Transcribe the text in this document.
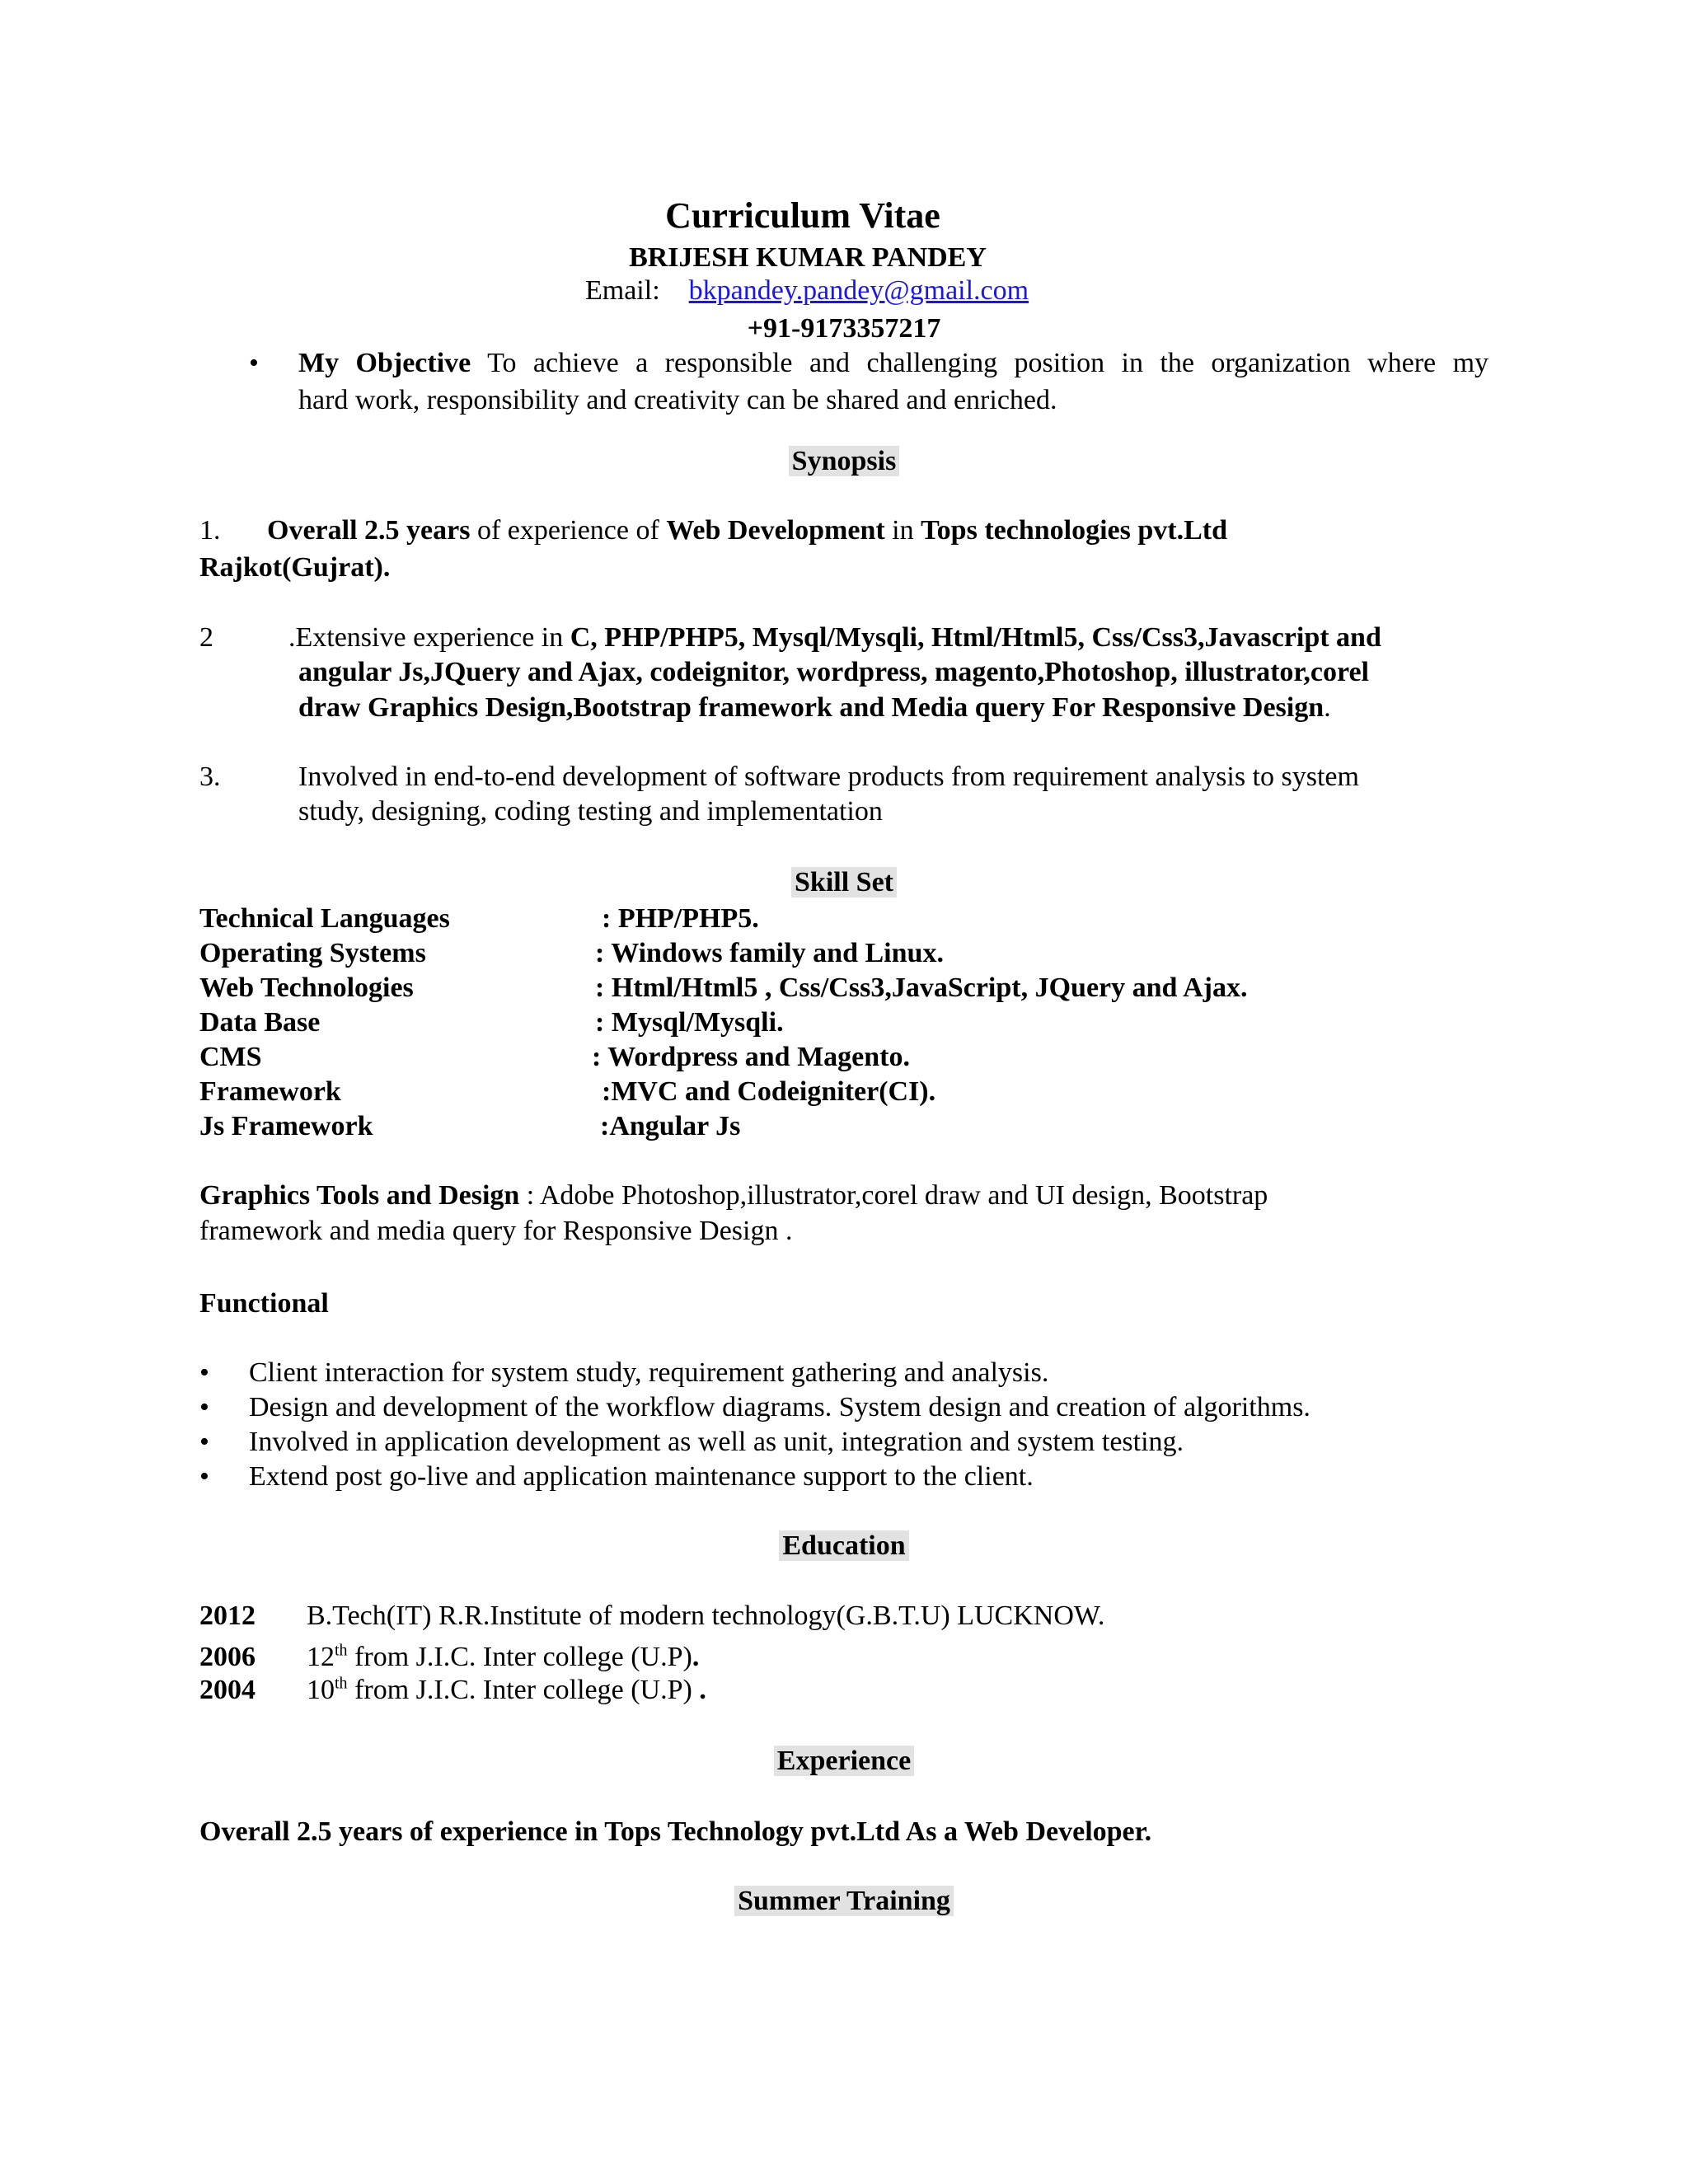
Curriculum Vitae
BRIJESH KUMAR PANDEY
Email: bkpandey.pandey@gmail.com
+91-9173357217
• My Objective To achieve a responsible and challenging position in the organization where my
hard work, responsibility and creativity can be shared and enriched.
Synopsis
1. Overall 2.5 years of experience of Web Development in Tops technologies pvt.Ltd
Rajkot(Gujrat).
2	.Extensive experience in C, PHP/PHP5, Mysql/Mysqli, Html/Html5, Css/Css3,Javascript and
angular Js,JQuery and Ajax, codeignitor, wordpress, magento,Photoshop, illustrator,corel
draw Graphics Design,Bootstrap framework and Media query For Responsive Design.
3.	Involved in end-to-end development of software products from requirement analysis to system
study, designing, coding testing and implementation
Skill Set
Technical Languages	: PHP/PHP5.
Operating Systems	: Windows family and Linux.
Web Technologies	: Html/Html5 , Css/Css3,JavaScript, JQuery and Ajax.
Data Base	: Mysql/Mysqli.
CMS	: Wordpress and Magento.
Framework	:MVC and Codeigniter(CI).
Js Framework	:Angular Js
Graphics Tools and Design : Adobe Photoshop,illustrator,corel draw and UI design, Bootstrap
framework and media query for Responsive Design .
Functional
• Client interaction for system study, requirement gathering and analysis.
• Design and development of the workflow diagrams. System design and creation of algorithms.
• Involved in application development as well as unit, integration and system testing.
• Extend post go-live and application maintenance support to the client.
Education
2012 B.Tech(IT) R.R.Institute of modern technology(G.B.T.U) LUCKNOW.
2006 12th from J.I.C. Inter college (U.P).
2004 10th from J.I.C. Inter college (U.P) .
Experience
Overall 2.5 years of experience in Tops Technology pvt.Ltd As a Web Developer.
Summer Training
